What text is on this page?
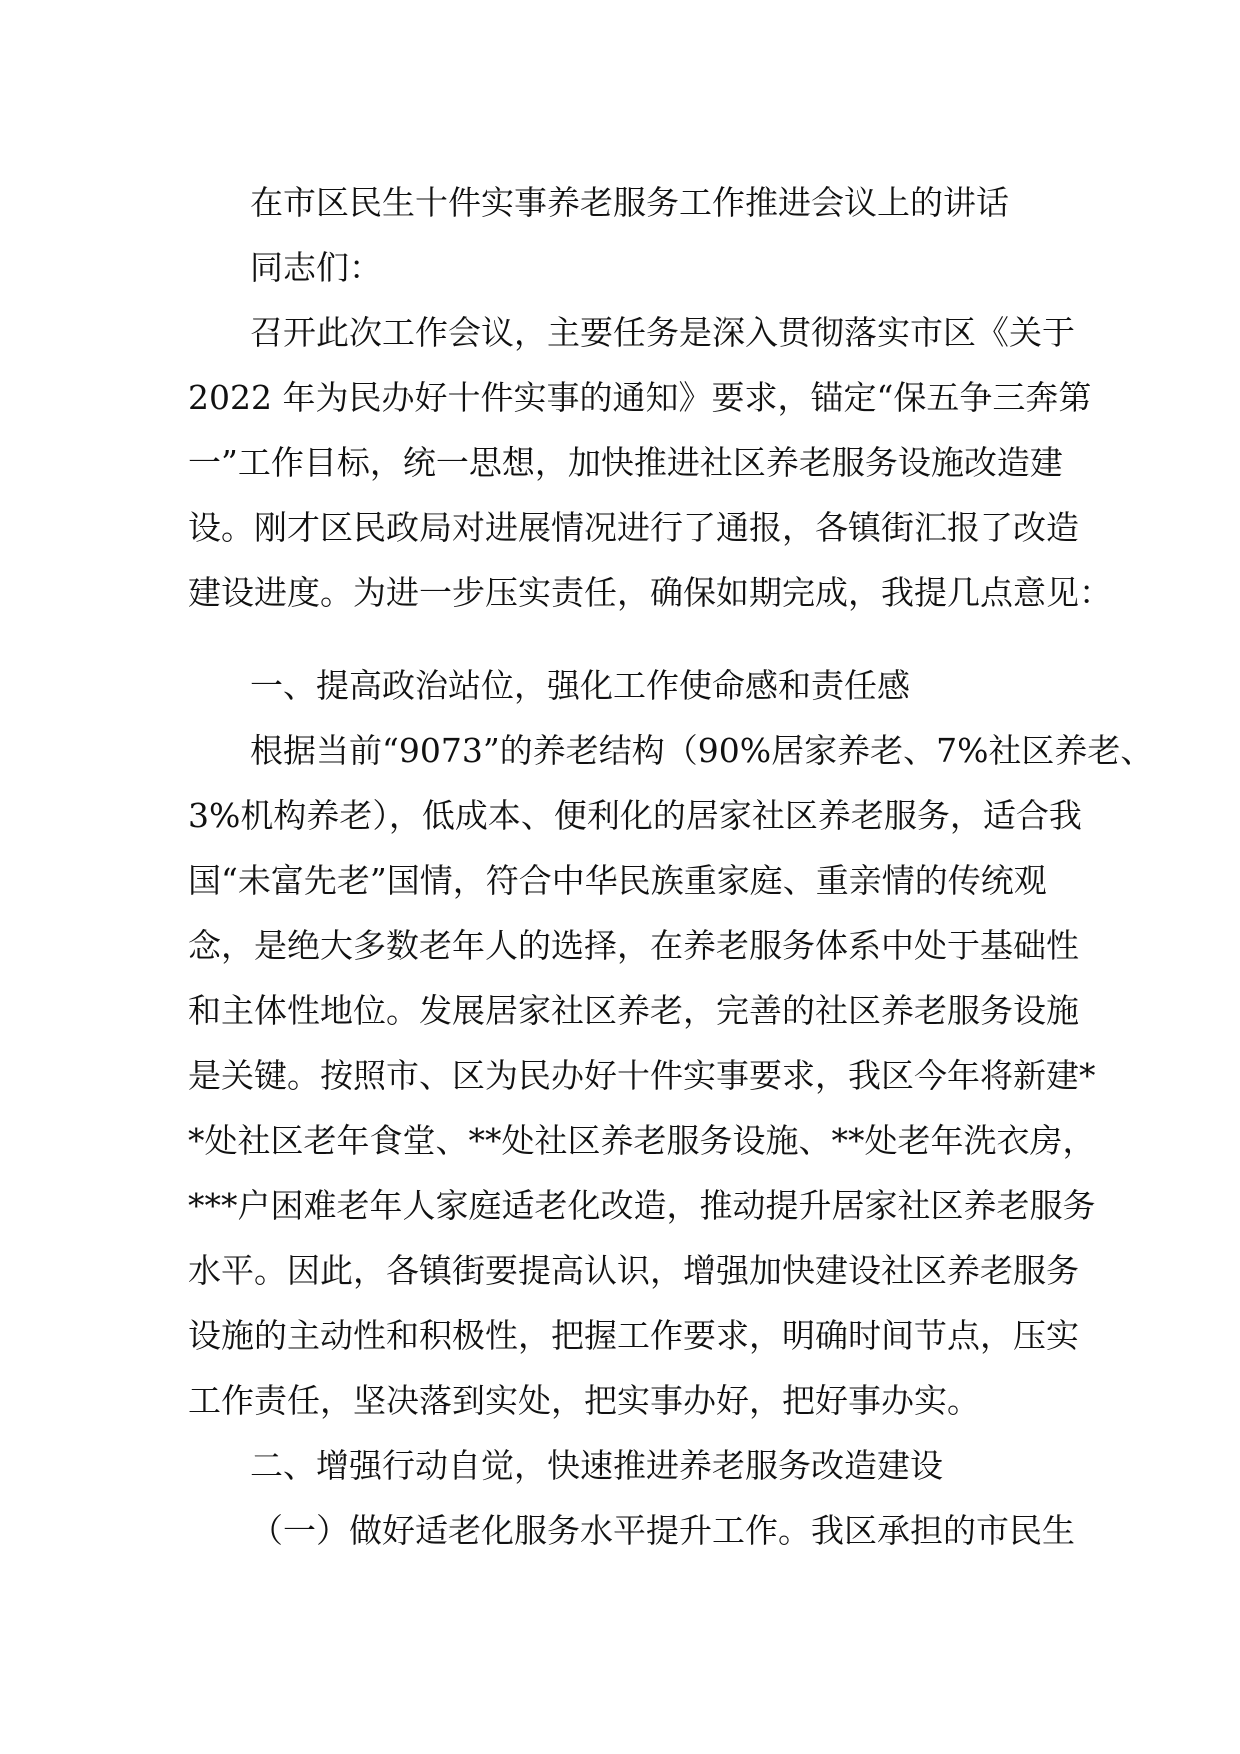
在市区民生十件实事养老服务工作推进会议上的讲话
同志们：
召开此次工作会议，主要任务是深入贯彻落实市区《关于
2022 年为民办好十件实事的通知》要求，锚定“保五争三奔第
一”工作目标，统一思想，加快推进社区养老服务设施改造建
设。刚才区民政局对进展情况进行了通报，各镇街汇报了改造
建设进度。为进一步压实责任，确保如期完成，我提几点意见：
一、提高政治站位，强化工作使命感和责任感
根据当前“9073”的养老结构（90%居家养老、7%社区养老、
3%机构养老），低成本、便利化的居家社区养老服务，适合我
国“未富先老”国情，符合中华民族重家庭、重亲情的传统观
念，是绝大多数老年人的选择，在养老服务体系中处于基础性
和主体性地位。发展居家社区养老，完善的社区养老服务设施
是关键。按照市、区为民办好十件实事要求，我区今年将新建*
*处社区老年食堂、**处社区养老服务设施、**处老年洗衣房，
***户困难老年人家庭适老化改造，推动提升居家社区养老服务
水平。因此，各镇街要提高认识，增强加快建设社区养老服务
设施的主动性和积极性，把握工作要求，明确时间节点，压实
工作责任，坚决落到实处，把实事办好，把好事办实。
二、增强行动自觉，快速推进养老服务改造建设
（一）做好适老化服务水平提升工作。我区承担的市民生
